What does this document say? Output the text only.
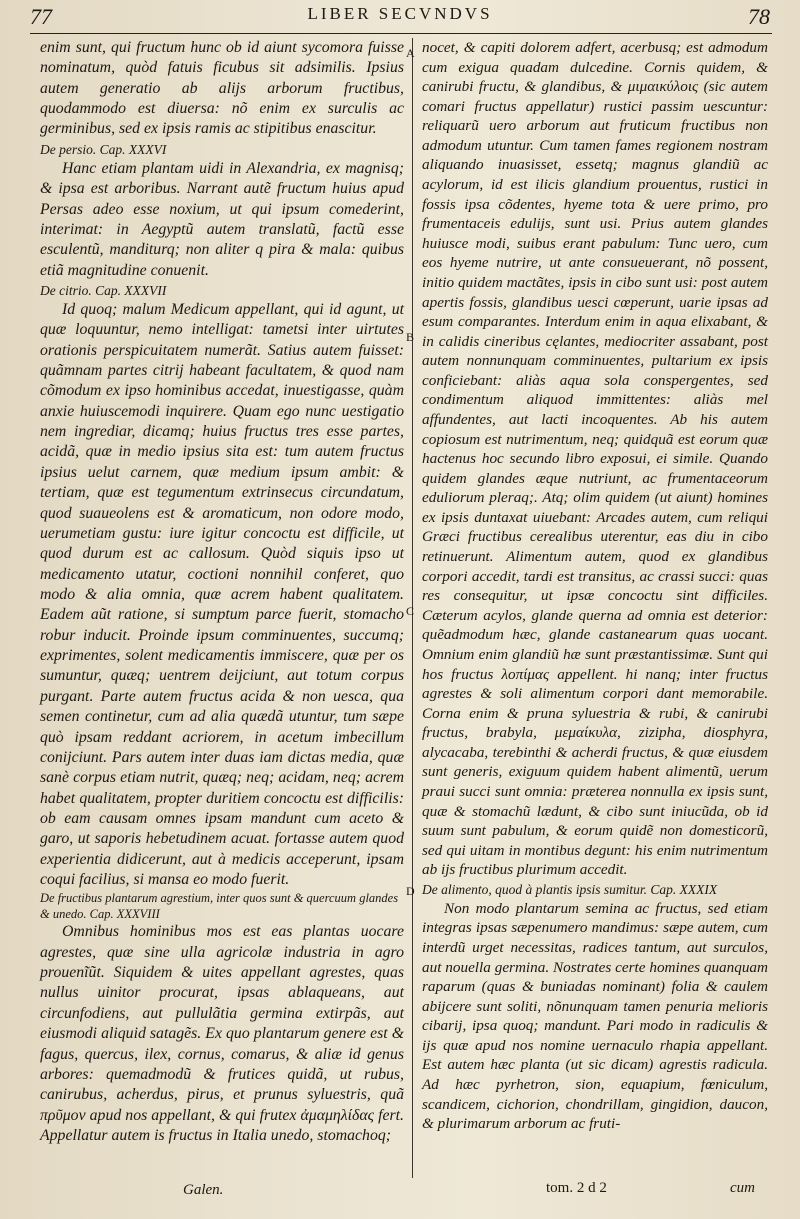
77	LIBER SECVNDVS	78

enim sunt, qui fructum hunc ob id aiunt sycomora fuisse nominatum, quòd fatuis ficubus sit adsimilis. Ipsius autem generatio ab alijs arborum fructibus, quodammodo est diuersa: nõ enim ex surculis ac germinibus, sed ex ipsis ramis ac stipitibus enascitur.

De persio. Cap. XXXVI

Hanc etiam plantam uidi in Alexandria, ex magnisq; & ipsa est arboribus. Narrant autẽ fructum huius apud Persas adeo esse noxium, ut qui ipsum comederint, interimat: in Aegyptũ autem translatũ, factũ esse esculentũ, manditurq; non aliter q pira & mala: quibus etiã magnitudine conuenit.

De citrio. Cap. XXXVII

Id quoq; malum Medicum appellant, qui id agunt, ut quæ loquuntur, nemo intelligat: tametsi inter uirtutes orationis perspicuitatem numerãt. Satius autem fuisset: quãmnam partes citrij habeant facultatem, & quod nam cõmodum ex ipso hominibus accedat, inuestigasse, quàm anxie huiuscemodi inquirere. Quam ego nunc uestigatio nem ingrediar, dicamq; huius fructus tres esse partes, acidã, quæ in medio ipsius sita est: tum autem fructus ipsius uelut carnem, quæ medium ipsum ambit: & tertiam, quæ est tegumentum extrinsecus circundatum, quod suaueolens est & aromaticum, non odore modo, uerumetiam gustu: iure igitur concoctu est difficile, ut quod durum est ac callosum. Quòd siquis ipso ut medicamento utatur, coctioni nonnihil conferet, quo modo & alia omnia, quæ acrem habent qualitatem. Eadem aũt ratione, si sumptum parce fuerit, stomacho robur inducit. Proinde ipsum comminuentes, succumq; exprimentes, solent medicamentis immiscere, quæ per os sumuntur, quæq; uentrem deijciunt, aut totum corpus purgant. Parte autem fructus acida & non uesca, qua semen continetur, cum ad alia quædã utuntur, tum sæpe quò ipsam reddant acriorem, in acetum imbecillum conijciunt. Pars autem inter duas iam dictas media, quæ sanè corpus etiam nutrit, quæq; neq; acidam, neq; acrem habet qualitatem, propter duritiem concoctu est difficilis: ob eam causam omnes ipsam mandunt cum aceto & garo, ut saporis hebetudinem acuat. fortasse autem quod experientia didicerunt, aut à medicis acceperunt, ipsam coqui facilius, si mansa eo modo fuerit.

De fructibus plantarum agrestium, inter quos sunt & quercuum glandes & unedo. Cap. XXXVIII

Omnibus hominibus mos est eas plantas uocare agrestes, quæ sine ulla agricolæ industria in agro prouenĩũt. Siquidem & uites appellant agrestes, quas nullus uinitor procurat, ipsas ablaqueans, aut circunfodiens, aut pullulãtia germina extirpãs, aut eiusmodi aliquid satagẽs. Ex quo plantarum genere est & fagus, quercus, ilex, cornus, comarus, & aliæ id genus arbores: quemadmodũ & frutices quidã, ut rubus, canirubus, acherdus, pirus, et prunus syluestris, quã πρῦμον apud nos appellant, & qui frutex ἀμαμηλίδας fert. Appellatur autem is fructus in Italia unedo, stomachoq;

A
B
C
D

nocet, & capiti dolorem adfert, acerbusq; est admodum cum exigua quadam dulcedine. Cornis quidem, & canirubi fructu, & glandibus, & μιμαικύλοις (sic autem comari fructus appellatur) rustici passim uescuntur: reliquarũ uero arborum aut fruticum fructibus non admodum utuntur. Cum tamen fames regionem nostram aliquando inuasisset, essetq; magnus glandiũ ac acylorum, id est ilicis glandium prouentus, rustici in fossis ipsa cõdentes, hyeme tota & uere primo, pro frumentaceis edulijs, sunt usi. Prius autem glandes huiusce modi, suibus erant pabulum: Tunc uero, cum eos hyeme nutrire, ut ante consueuerant, nõ possent, initio quidem mactãtes, ipsis in cibo sunt usi: post autem apertis fossis, glandibus uesci cœperunt, uarie ipsas ad esum comparantes. Interdum enim in aqua elixabant, & in calidis cineribus cęlantes, mediocriter assabant, post autem nonnunquam comminuentes, pultarium ex ipsis conficiebant: aliàs aqua sola conspergentes, sed condimentum aliquod immittentes: aliàs mel affundentes, aut lacti incoquentes. Ab his autem copiosum est nutrimentum, neq; quidquã est eorum quæ hactenus hoc secundo libro exposui, ei simile. Quando quidem glandes æque nutriunt, ac frumentaceorum eduliorum pleraq;. Atq; olim quidem (ut aiunt) homines ex ipsis duntaxat uiuebant: Arcades autem, cum reliqui Græci fructibus cerealibus uterentur, eas diu in cibo retinuerunt. Alimentum autem, quod ex glandibus corpori accedit, tardi est transitus, ac crassi succi: quas res consequitur, ut ipsæ concoctu sint difficiles. Cæterum acylos, glande querna ad omnia est deterior: quẽadmodum hæc, glande castanearum quas uocant. Omnium enim glandiũ hæ sunt præstantissimæ. Sunt qui hos fructus λοπίμας appellent. hi nanq; inter fructus agrestes & soli alimentum corpori dant memorabile. Corna enim & pruna syluestria & rubi, & canirubi fructus, brabyla, μεμαίκυλα, zizipha, diosphyra, alycacaba, terebinthi & acherdi fructus, & quæ eiusdem sunt generis, exiguum quidem habent alimentũ, uerum praui succi sunt omnia: præterea nonnulla ex ipsis sunt, quæ & stomachũ lædunt, & cibo sunt iniucũda, ob id suum sunt pabulum, & eorum quidẽ non domesticorũ, sed qui uitam in montibus degunt: his enim nutrimentum ab ijs fructibus plurimum accedit.

De alimento, quod à plantis ipsis sumitur. Cap. XXXIX

Non modo plantarum semina ac fructus, sed etiam integras ipsas sæpenumero mandimus: sæpe autem, cum interdũ urget necessitas, radices tantum, aut surculos, aut nouella germina. Nostrates certe homines quanquam raparum (quas & buniadas nominant) folia & caulem abijcere sunt soliti, nõnunquam tamen penuria melioris cibarij, ipsa quoq; mandunt. Pari modo in radiculis & ijs quæ apud nos nomine uernaculo rhapia appellant. Est autem hæc planta (ut sic dicam) agrestis radicula. Ad hæc pyrhetron, sion, equapium, fœniculum, scandicem, cichorion, chondrillam, gingidion, daucon, & plurimarum arborum ac fruti-

Galen.	tom. 2 d 2	cum
